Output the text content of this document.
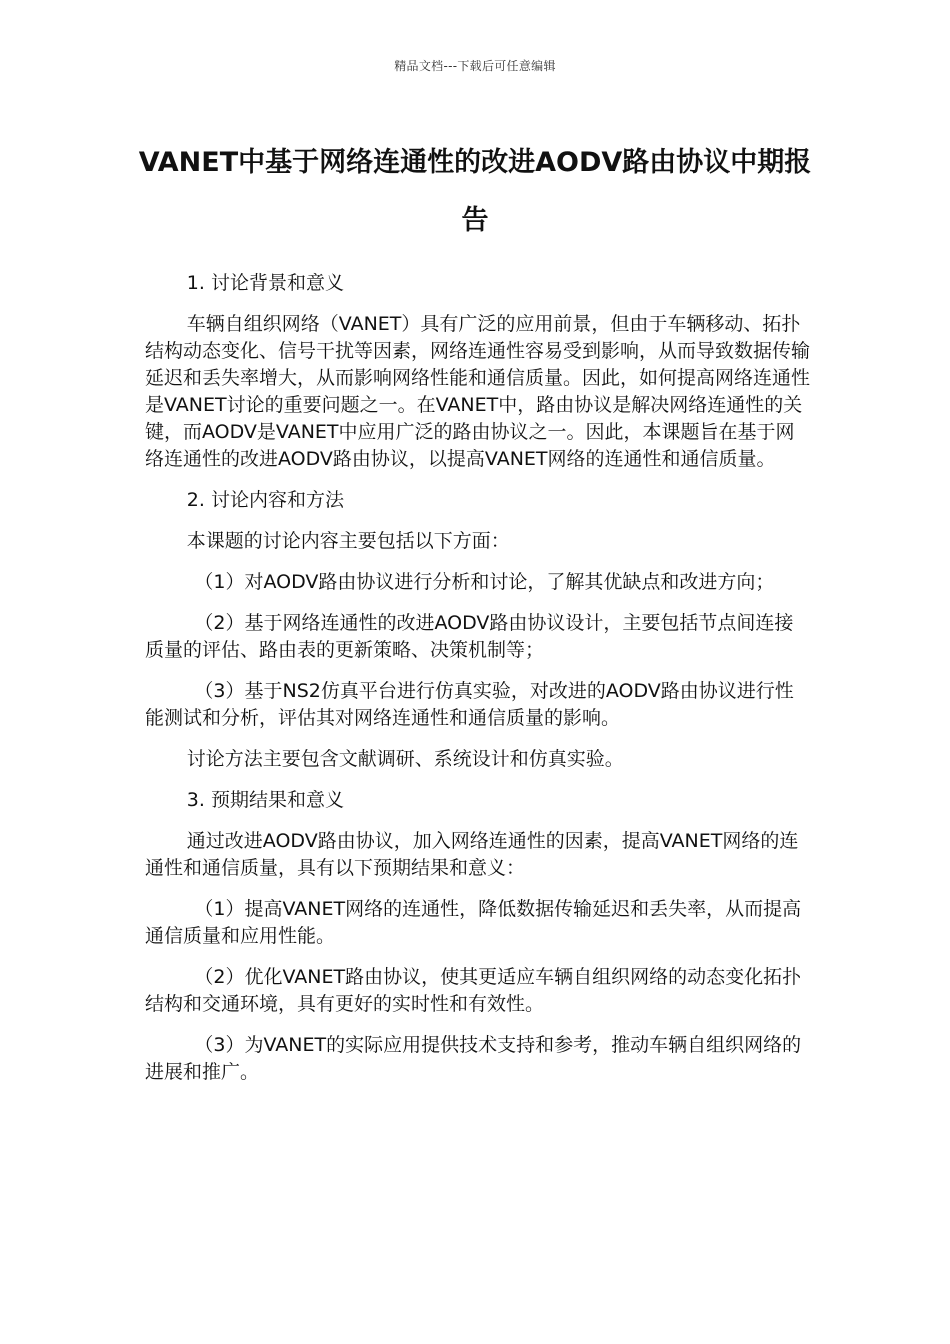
精品文档---下载后可任意编辑
VANET中基于网络连通性的改进AODV路由协议中期报告
1. 讨论背景和意义
车辆自组织网络（VANET）具有广泛的应用前景，但由于车辆移动、拓扑结构动态变化、信号干扰等因素，网络连通性容易受到影响，从而导致数据传输延迟和丢失率增大，从而影响网络性能和通信质量。因此，如何提高网络连通性是VANET讨论的重要问题之一。在VANET中，路由协议是解决网络连通性的关键，而AODV是VANET中应用广泛的路由协议之一。因此，本课题旨在基于网络连通性的改进AODV路由协议，以提高VANET网络的连通性和通信质量。
2. 讨论内容和方法
本课题的讨论内容主要包括以下方面：
（1）对AODV路由协议进行分析和讨论，了解其优缺点和改进方向；
（2）基于网络连通性的改进AODV路由协议设计，主要包括节点间连接质量的评估、路由表的更新策略、决策机制等；
（3）基于NS2仿真平台进行仿真实验，对改进的AODV路由协议进行性能测试和分析，评估其对网络连通性和通信质量的影响。
讨论方法主要包含文献调研、系统设计和仿真实验。
3. 预期结果和意义
通过改进AODV路由协议，加入网络连通性的因素，提高VANET网络的连通性和通信质量，具有以下预期结果和意义：
（1）提高VANET网络的连通性，降低数据传输延迟和丢失率，从而提高通信质量和应用性能。
（2）优化VANET路由协议，使其更适应车辆自组织网络的动态变化拓扑结构和交通环境，具有更好的实时性和有效性。
（3）为VANET的实际应用提供技术支持和参考，推动车辆自组织网络的进展和推广。
